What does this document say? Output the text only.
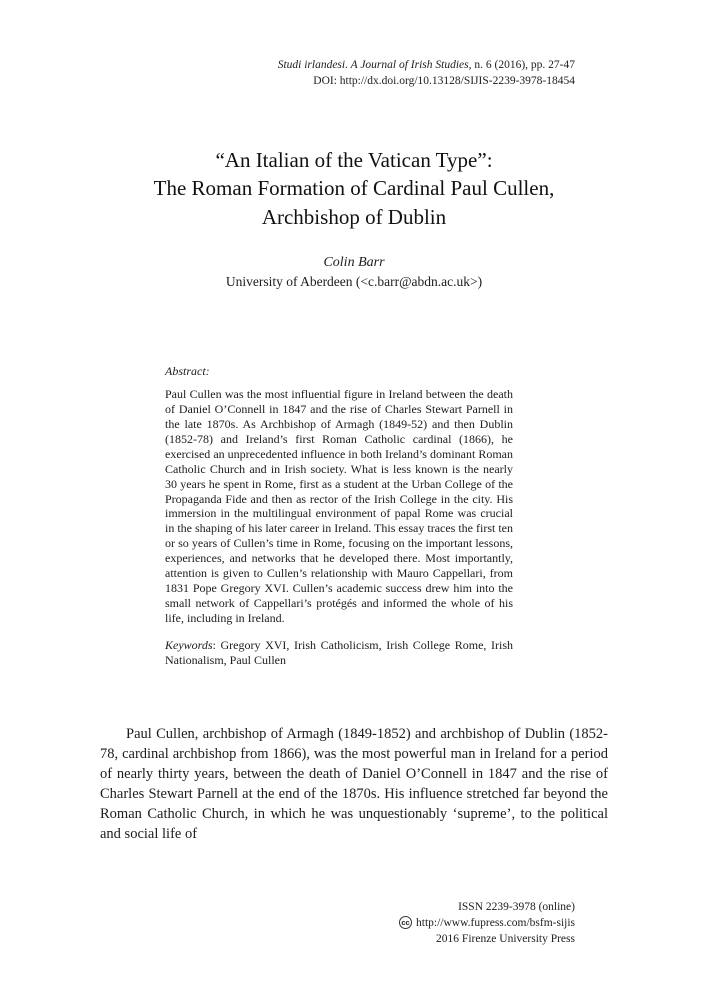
Studi irlandesi. A Journal of Irish Studies, n. 6 (2016), pp. 27-47
DOI: http://dx.doi.org/10.13128/SIJIS-2239-3978-18454
“An Italian of the Vatican Type”:
The Roman Formation of Cardinal Paul Cullen,
Archbishop of Dublin
Colin Barr
University of Aberdeen (<c.barr@abdn.ac.uk>)
Abstract:

Paul Cullen was the most influential figure in Ireland between the death of Daniel O’Connell in 1847 and the rise of Charles Stewart Parnell in the late 1870s. As Archbishop of Armagh (1849-52) and then Dublin (1852-78) and Ireland’s first Roman Catholic cardinal (1866), he exercised an unprecedented influence in both Ireland’s dominant Roman Catholic Church and in Irish society. What is less known is the nearly 30 years he spent in Rome, first as a student at the Urban College of the Propaganda Fide and then as rector of the Irish College in the city. His immersion in the multilingual environment of papal Rome was crucial in the shaping of his later career in Ireland. This essay traces the first ten or so years of Cullen’s time in Rome, focusing on the important lessons, experiences, and networks that he developed there. Most importantly, attention is given to Cullen’s relationship with Mauro Cappellari, from 1831 Pope Gregory XVI. Cullen’s academic success drew him into the small network of Cappellari’s protégés and informed the whole of his life, including in Ireland.

Keywords: Gregory XVI, Irish Catholicism, Irish College Rome, Irish Nationalism, Paul Cullen

Paul Cullen, archbishop of Armagh (1849-1852) and archbishop of Dublin (1852-78, cardinal archbishop from 1866), was the most powerful man in Ireland for a period of nearly thirty years, between the death of Daniel O’Connell in 1847 and the rise of Charles Stewart Parnell at the end of the 1870s. His influence stretched far beyond the Roman Catholic Church, in which he was unquestionably ‘supreme’, to the political and social life of

ISSN 2239-3978 (online)
cc http://www.fupress.com/bsfm-sijis
2016 Firenze University Press
